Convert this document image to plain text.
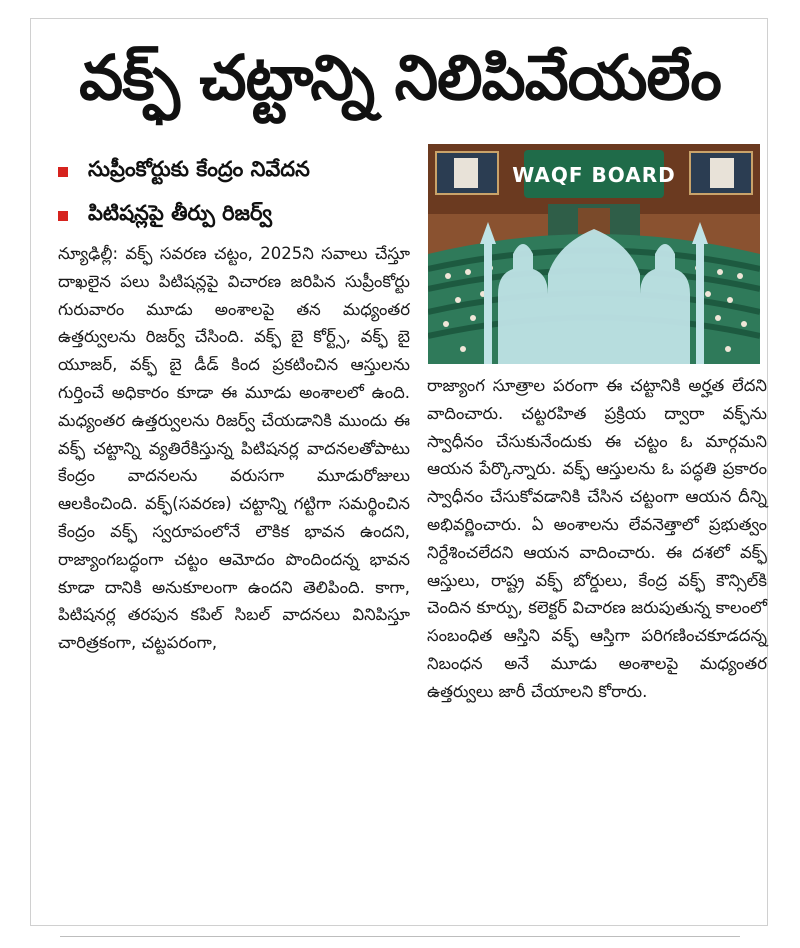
వక్ఫ్ చట్టాన్ని నిలిపివేయలేం
సుప్రీంకోర్టుకు కేంద్రం నివేదన
పిటిషన్లపై తీర్పు రిజర్వ్
WAQF BOARD

న్యూఢిల్లీ: వక్ఫ్ సవరణ చట్టం, 2025ని సవాలు చేస్తూ దాఖలైన పలు పిటిషన్లపై విచారణ జరిపిన సుప్రీంకోర్టు గురువారం మూడు అంశాలపై తన మధ్యంతర ఉత్తర్వులను రిజర్వ్ చేసింది. వక్ఫ్ బై కోర్ట్స్, వక్ఫ్ బై యూజర్, వక్ఫ్ బై డీడ్ కింద ప్రకటించిన ఆస్తులను గుర్తించే అధికారం కూడా ఈ మూడు అంశాలలో ఉంది. మధ్యంతర ఉత్తర్వులను రిజర్వ్ చేయడానికి ముందు ఈ వక్ఫ్ చట్టాన్ని వ్యతిరేకిస్తున్న పిటిషనర్ల వాదనలతోపాటు కేంద్రం వాదనలను వరుసగా మూడురోజులు ఆలకించింది. వక్ఫ్(సవరణ) చట్టాన్ని గట్టిగా సమర్థించిన కేంద్రం వక్ఫ్ స్వరూపంలోనే లౌకిక భావన ఉందని, రాజ్యాంగబద్ధంగా చట్టం ఆమోదం పొందిందన్న భావన కూడా దానికి అనుకూలంగా ఉందని తెలిపింది. కాగా, పిటిషనర్ల తరపున కపిల్ సిబల్ వాదనలు వినిపిస్తూ చారిత్రకంగా, చట్టపరంగా,

రాజ్యాంగ సూత్రాల పరంగా ఈ చట్టానికి అర్హత లేదని వాదించారు. చట్టరహిత ప్రక్రియ ద్వారా వక్ఫ్‌ను స్వాధీనం చేసుకునేందుకు ఈ చట్టం ఓ మార్గమని ఆయన పేర్కొన్నారు. వక్ఫ్ ఆస్తులను ఓ పద్ధతి ప్రకారం స్వాధీనం చేసుకోవడానికి చేసిన చట్టంగా ఆయన దీన్ని అభివర్ణించారు. ఏ అంశాలను లేవనెత్తాలో ప్రభుత్వం నిర్దేశించలేదని ఆయన వాదించారు. ఈ దశలో వక్ఫ్ ఆస్తులు, రాష్ట్ర వక్ఫ్ బోర్డులు, కేంద్ర వక్ఫ్ కౌన్సిల్‌కి చెందిన కూర్పు, కలెక్టర్ విచారణ జరుపుతున్న కాలంలో సంబంధిత ఆస్తిని వక్ఫ్ ఆస్తిగా పరిగణించకూడదన్న నిబంధన అనే మూడు అంశాలపై మధ్యంతర ఉత్తర్వులు జారీ చేయాలని కోరారు.
